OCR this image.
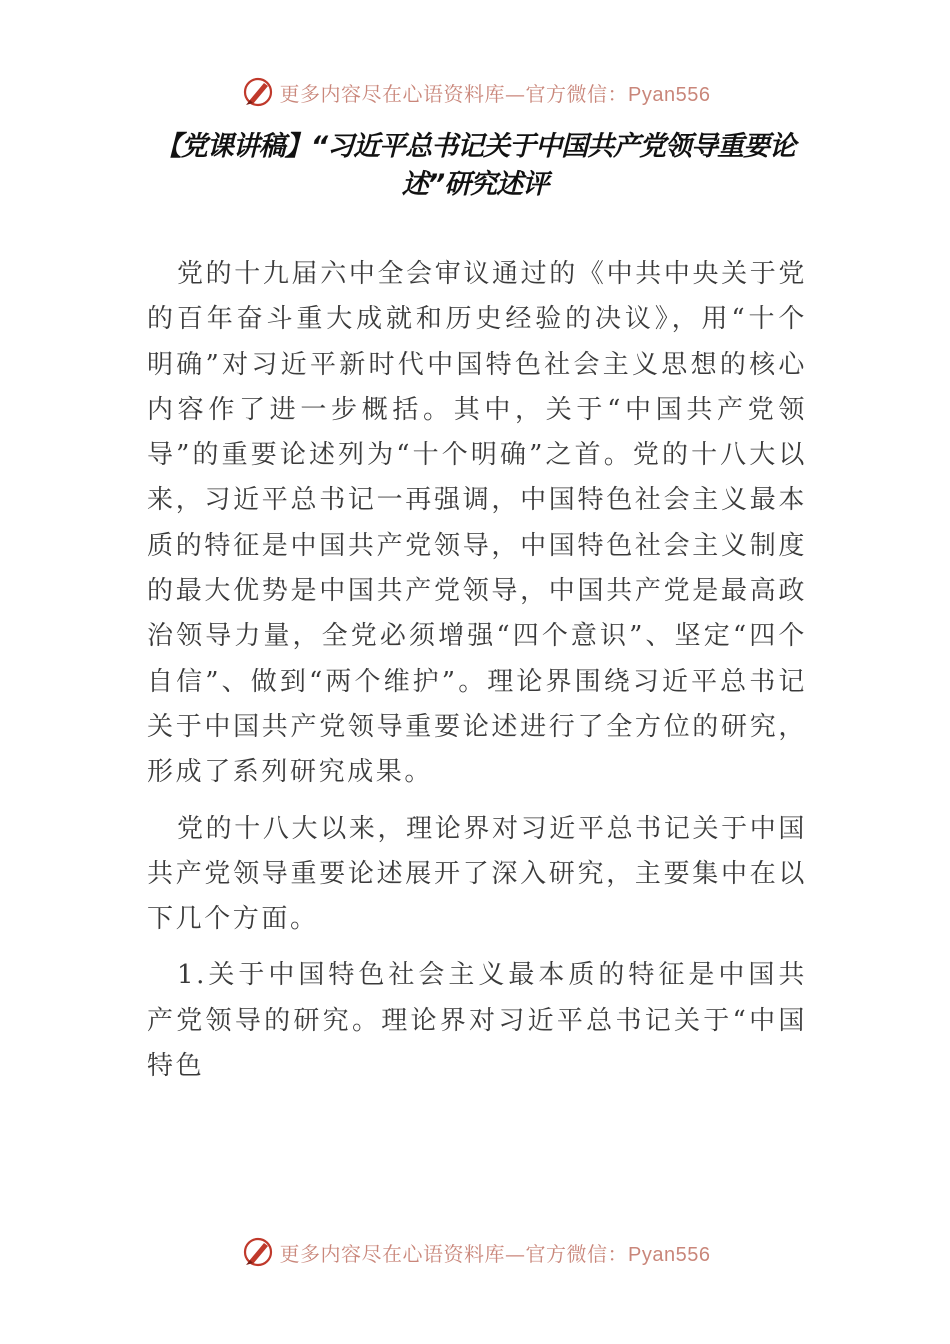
更多内容尽在心语资料库—官方微信：Pyan556
【党课讲稿】“习近平总书记关于中国共产党领导重要论述”研究述评

党的十九届六中全会审议通过的《中共中央关于党的百年奋斗重大成就和历史经验的决议》，用“十个明确”对习近平新时代中国特色社会主义思想的核心内容作了进一步概括。其中，关于“中国共产党领导”的重要论述列为“十个明确”之首。党的十八大以来，习近平总书记一再强调，中国特色社会主义最本质的特征是中国共产党领导，中国特色社会主义制度的最大优势是中国共产党领导，中国共产党是最高政治领导力量，全党必须增强“四个意识”、坚定“四个自信”、做到“两个维护”。理论界围绕习近平总书记关于中国共产党领导重要论述进行了全方位的研究，形成了系列研究成果。

党的十八大以来，理论界对习近平总书记关于中国共产党领导重要论述展开了深入研究，主要集中在以下几个方面。

1.关于中国特色社会主义最本质的特征是中国共产党领导的研究。理论界对习近平总书记关于“中国特色

更多内容尽在心语资料库—官方微信：Pyan556
